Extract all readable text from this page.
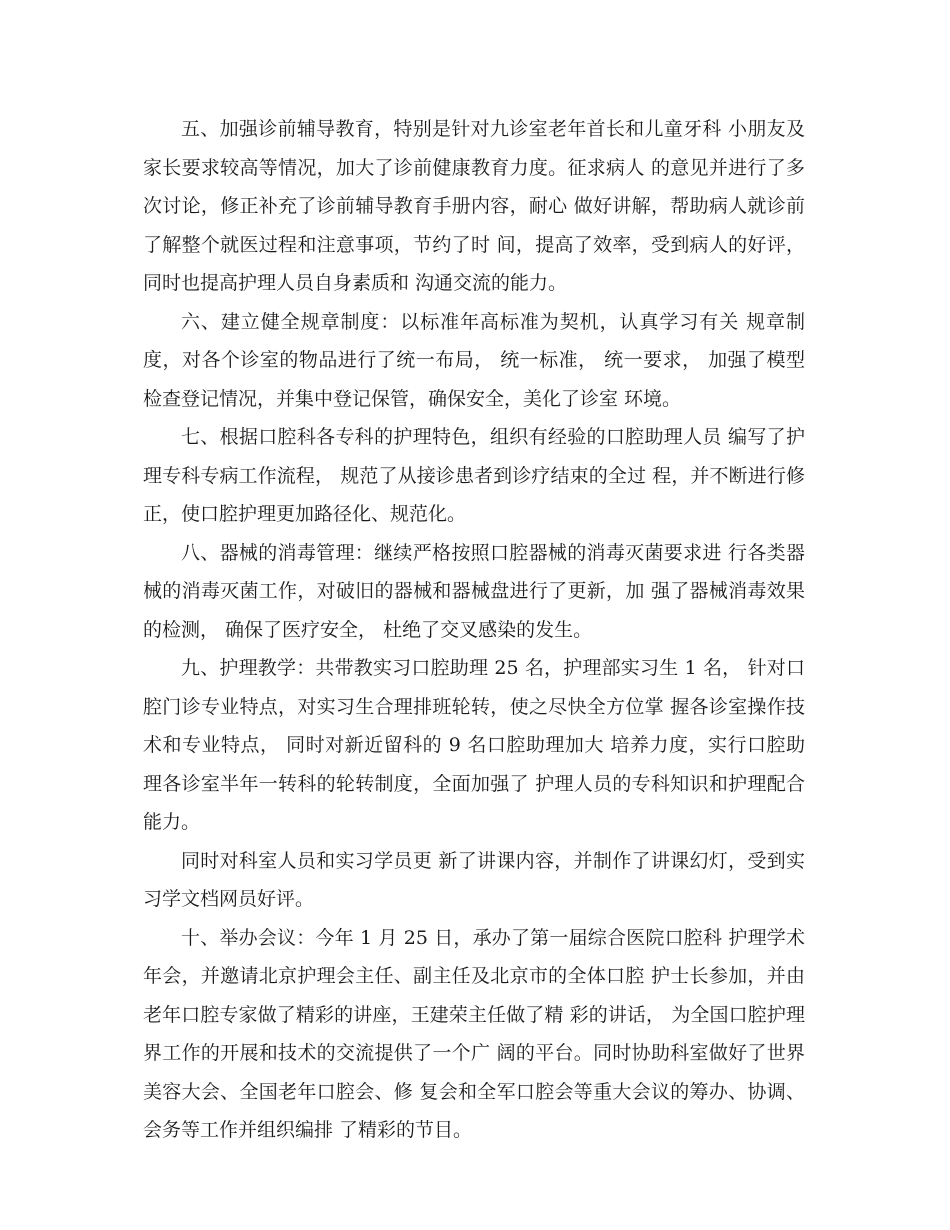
五、加强诊前辅导教育，特别是针对九诊室老年首长和儿童牙科 小朋友及家长要求较高等情况，加大了诊前健康教育力度。征求病人 的意见并进行了多次讨论，修正补充了诊前辅导教育手册内容，耐心 做好讲解，帮助病人就诊前了解整个就医过程和注意事项，节约了时 间，提高了效率，受到病人的好评，同时也提高护理人员自身素质和 沟通交流的能力。

六、建立健全规章制度：以标准年高标准为契机，认真学习有关 规章制度，对各个诊室的物品进行了统一布局， 统一标准， 统一要求， 加强了模型检查登记情况，并集中登记保管，确保安全，美化了诊室 环境。

七、根据口腔科各专科的护理特色，组织有经验的口腔助理人员 编写了护理专科专病工作流程， 规范了从接诊患者到诊疗结束的全过 程，并不断进行修正，使口腔护理更加路径化、规范化。

八、器械的消毒管理：继续严格按照口腔器械的消毒灭菌要求进 行各类器械的消毒灭菌工作，对破旧的器械和器械盘进行了更新，加 强了器械消毒效果的检测， 确保了医疗安全， 杜绝了交叉感染的发生。

九、护理教学：共带教实习口腔助理 25 名，护理部实习生 1 名， 针对口腔门诊专业特点，对实习生合理排班轮转，使之尽快全方位掌 握各诊室操作技术和专业特点， 同时对新近留科的 9 名口腔助理加大 培养力度，实行口腔助理各诊室半年一转科的轮转制度，全面加强了 护理人员的专科知识和护理配合能力。

同时对科室人员和实习学员更 新了讲课内容，并制作了讲课幻灯，受到实习学文档网员好评。

十、举办会议：今年 1 月 25 日，承办了第一届综合医院口腔科 护理学术年会，并邀请北京护理会主任、副主任及北京市的全体口腔 护士长参加，并由老年口腔专家做了精彩的讲座，王建荣主任做了精 彩的讲话， 为全国口腔护理界工作的开展和技术的交流提供了一个广 阔的平台。同时协助科室做好了世界美容大会、全国老年口腔会、修 复会和全军口腔会等重大会议的筹办、协调、会务等工作并组织编排 了精彩的节目。
